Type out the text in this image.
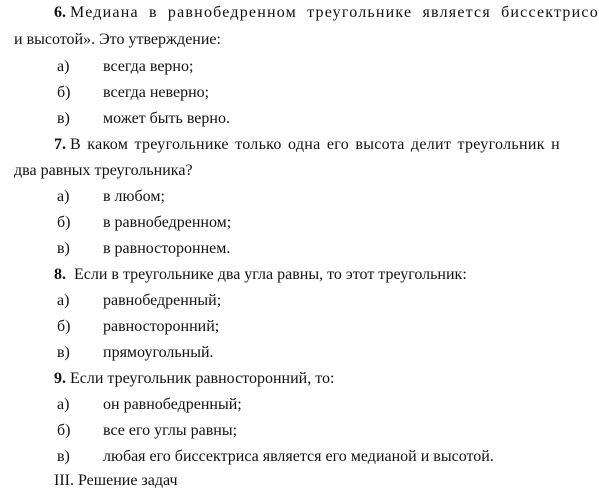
6. Медиана в равнобедренном треугольнике является биссектрисо
и высотой». Это утверждение:
а) всегда верно;
б) всегда неверно;
в) может быть верно.
7. В каком треугольнике только одна его высота делит треугольник н
два равных треугольника?
а) в любом;
б) в равнобедренном;
в) в равностороннем.
8. Если в треугольнике два угла равны, то этот треугольник:
а) равнобедренный;
б) равносторонний;
в) прямоугольный.
9. Если треугольник равносторонний, то:
а) он равнобедренный;
б) все его углы равны;
в) любая его биссектриса является его медианой и высотой.
III. Решение задач
